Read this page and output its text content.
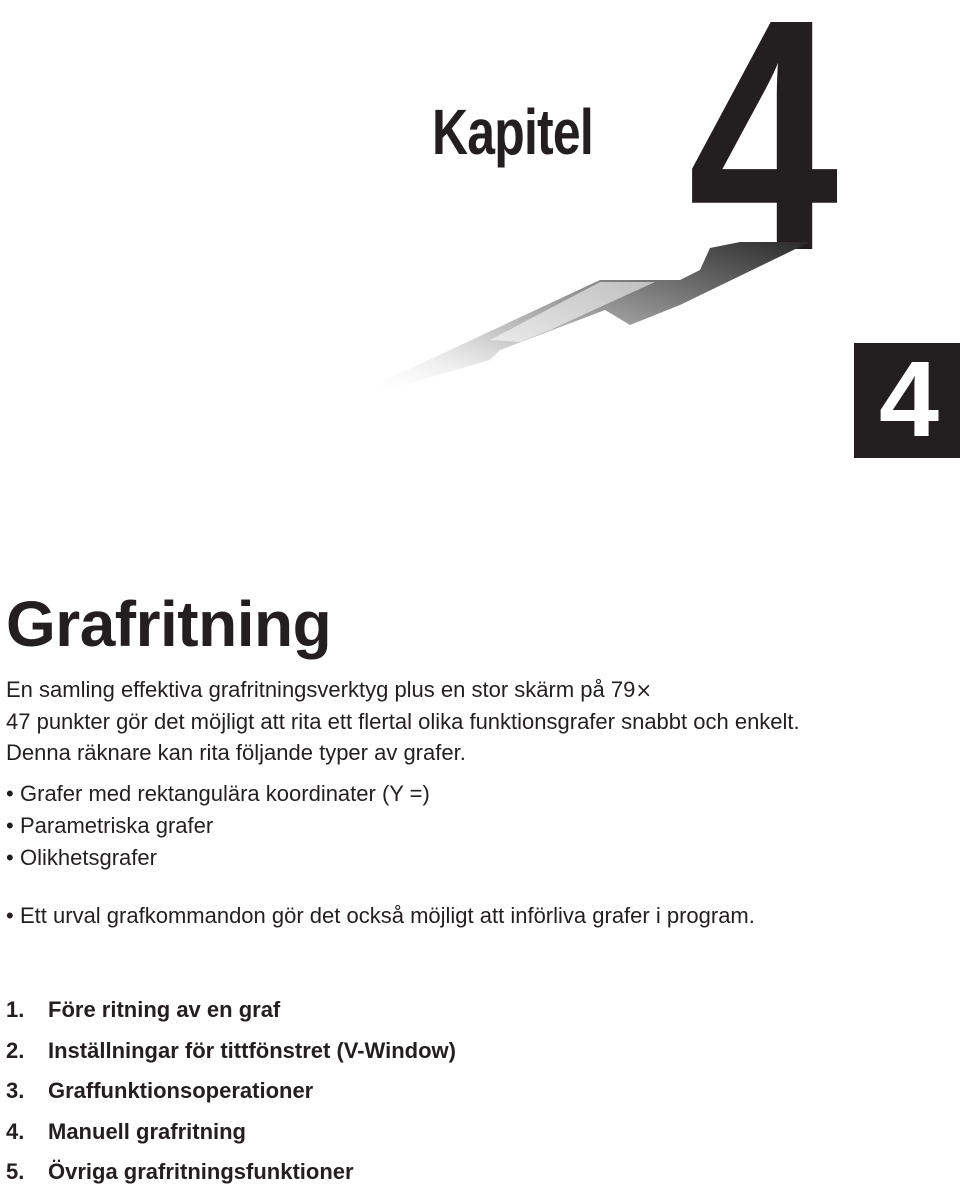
Kapitel 4
4
Grafritning

En samling effektiva grafritningsverktyg plus en stor skärm på 79×
47 punkter gör det möjligt att rita ett flertal olika funktionsgrafer snabbt och enkelt. Denna räknare kan rita följande typer av grafer.

• Grafer med rektangulära koordinater (Y =)
• Parametriska grafer
• Olikhetsgrafer
• Ett urval grafkommandon gör det också möjligt att införliva grafer i program.
1.	Före ritning av en graf
2.	Inställningar för tittfönstret (V-Window)
3.	Graffunktionsoperationer
4.	Manuell grafritning
5.	Övriga grafritningsfunktioner
